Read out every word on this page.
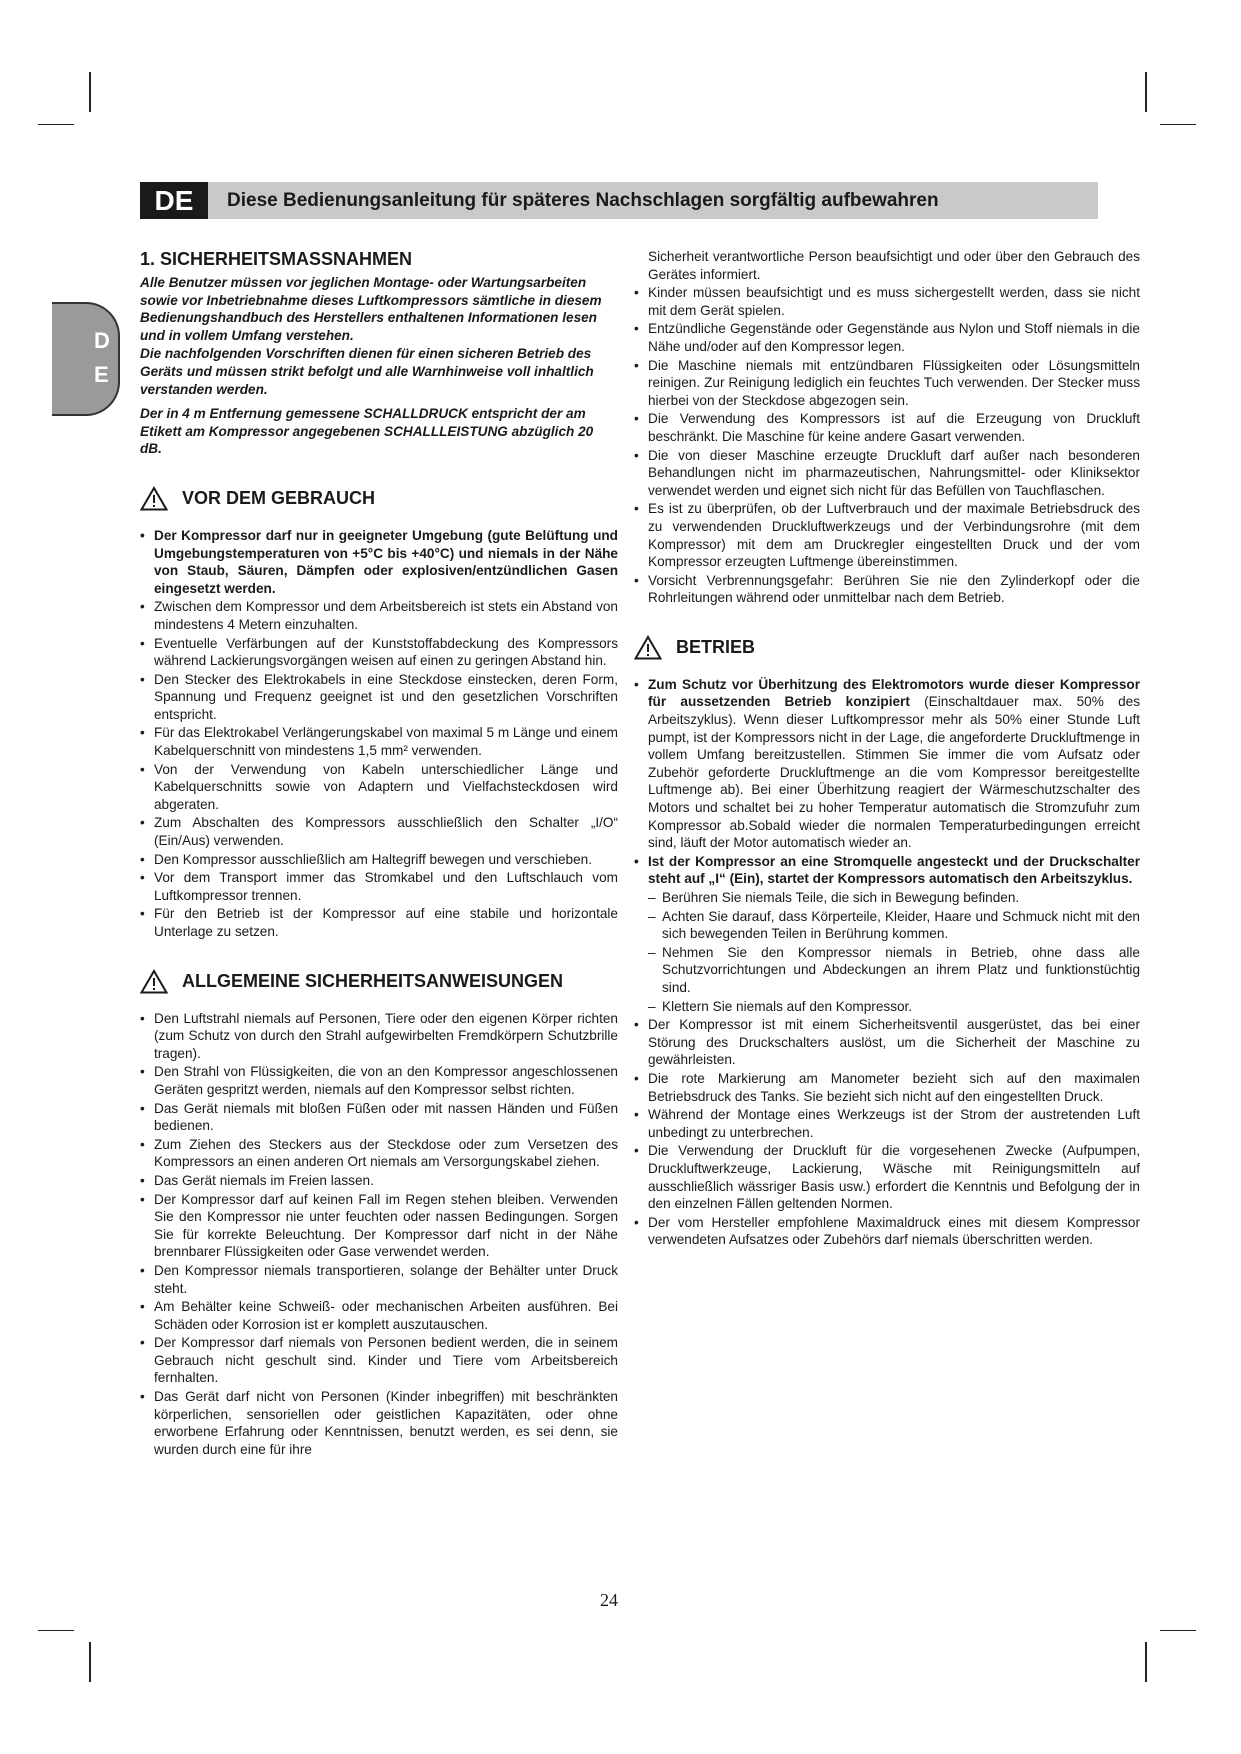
DE	Diese Bedienungsanleitung für späteres Nachschlagen sorgfältig aufbewahren
D
E
1. SICHERHEITSMASSNAHMEN

Alle Benutzer müssen vor jeglichen Montage- oder Wartungsarbeiten sowie vor Inbetriebnahme dieses Luftkompressors sämtliche in diesem Bedienungshandbuch des Herstellers enthaltenen Informationen lesen und in vollem Umfang verstehen.

Die nachfolgenden Vorschriften dienen für einen sicheren Betrieb des Geräts und müssen strikt befolgt und alle Warnhinweise voll inhaltlich verstanden werden.

Der in 4 m Entfernung gemessene SCHALLDRUCK entspricht der am Etikett am Kompressor angegebenen SCHALLLEISTUNG abzüglich 20 dB.

VOR DEM GEBRAUCH
• Der Kompressor darf nur in geeigneter Umgebung (gute Belüftung und Umgebungstemperaturen von +5°C bis +40°C) und niemals in der Nähe von Staub, Säuren, Dämpfen oder explosiven/entzündlichen Gasen eingesetzt werden.
• Zwischen dem Kompressor und dem Arbeitsbereich ist stets ein Abstand von mindestens 4 Metern einzuhalten.
• Eventuelle Verfärbungen auf der Kunststoffabdeckung des Kompressors während Lackierungsvorgängen weisen auf einen zu geringen Abstand hin.
• Den Stecker des Elektrokabels in eine Steckdose einstecken, deren Form, Spannung und Frequenz geeignet ist und den gesetzlichen Vorschriften entspricht.
• Für das Elektrokabel Verlängerungskabel von maximal 5 m Länge und einem Kabelquerschnitt von mindestens 1,5 mm² verwenden.
• Von der Verwendung von Kabeln unterschiedlicher Länge und Kabelquerschnitts sowie von Adaptern und Vielfachsteckdosen wird abgeraten.
• Zum Abschalten des Kompressors ausschließlich den Schalter „I/O“ (Ein/Aus) verwenden.
• Den Kompressor ausschließlich am Haltegriff bewegen und verschieben.
• Vor dem Transport immer das Stromkabel und den Luftschlauch vom Luftkompressor trennen.
• Für den Betrieb ist der Kompressor auf eine stabile und horizontale Unterlage zu setzen.
ALLGEMEINE SICHERHEITSANWEISUNGEN
• Den Luftstrahl niemals auf Personen, Tiere oder den eigenen Körper richten (zum Schutz von durch den Strahl aufgewirbelten Fremdkörpern Schutzbrille tragen).
• Den Strahl von Flüssigkeiten, die von an den Kompressor angeschlossenen Geräten gespritzt werden, niemals auf den Kompressor selbst richten.
• Das Gerät niemals mit bloßen Füßen oder mit nassen Händen und Füßen bedienen.
• Zum Ziehen des Steckers aus der Steckdose oder zum Versetzen des Kompressors an einen anderen Ort niemals am Versorgungskabel ziehen.
• Das Gerät niemals im Freien lassen.
• Der Kompressor darf auf keinen Fall im Regen stehen bleiben. Verwenden Sie den Kompressor nie unter feuchten oder nassen Bedingungen. Sorgen Sie für korrekte Beleuchtung. Der Kompressor darf nicht in der Nähe brennbarer Flüssigkeiten oder Gase verwendet werden.
• Den Kompressor niemals transportieren, solange der Behälter unter Druck steht.
• Am Behälter keine Schweiß- oder mechanischen Arbeiten ausführen. Bei Schäden oder Korrosion ist er komplett auszutauschen.
• Der Kompressor darf niemals von Personen bedient werden, die in seinem Gebrauch nicht geschult sind. Kinder und Tiere vom Arbeitsbereich fernhalten.
• Das Gerät darf nicht von Personen (Kinder inbegriffen) mit beschränkten körperlichen, sensoriellen oder geistlichen Kapazitäten, oder ohne erworbene Erfahrung oder Kenntnissen, benutzt werden, es sei denn, sie wurden durch eine für ihre
Sicherheit verantwortliche Person beaufsichtigt und oder über den Gebrauch des Gerätes informiert.
• Kinder müssen beaufsichtigt und es muss sichergestellt werden, dass sie nicht mit dem Gerät spielen.
• Entzündliche Gegenstände oder Gegenstände aus Nylon und Stoff niemals in die Nähe und/oder auf den Kompressor legen.
• Die Maschine niemals mit entzündbaren Flüssigkeiten oder Lösungsmitteln reinigen. Zur Reinigung lediglich ein feuchtes Tuch verwenden. Der Stecker muss hierbei von der Steckdose abgezogen sein.
• Die Verwendung des Kompressors ist auf die Erzeugung von Druckluft beschränkt. Die Maschine für keine andere Gasart verwenden.
• Die von dieser Maschine erzeugte Druckluft darf außer nach besonderen Behandlungen nicht im pharmazeutischen, Nahrungsmittel- oder Kliniksektor verwendet werden und eignet sich nicht für das Befüllen von Tauchflaschen.
• Es ist zu überprüfen, ob der Luftverbrauch und der maximale Betriebsdruck des zu verwendenden Druckluftwerkzeugs und der Verbindungsrohre (mit dem Kompressor) mit dem am Druckregler eingestellten Druck und der vom Kompressor erzeugten Luftmenge übereinstimmen.
• Vorsicht Verbrennungsgefahr: Berühren Sie nie den Zylinderkopf oder die Rohrleitungen während oder unmittelbar nach dem Betrieb.
BETRIEB
• Zum Schutz vor Überhitzung des Elektromotors wurde dieser Kompressor für aussetzenden Betrieb konzipiert (Einschaltdauer max. 50% des Arbeitszyklus). Wenn dieser Luftkompressor mehr als 50% einer Stunde Luft pumpt, ist der Kompressors nicht in der Lage, die angeforderte Druckluftmenge in vollem Umfang bereitzustellen. Stimmen Sie immer die vom Aufsatz oder Zubehör geforderte Druckluftmenge an die vom Kompressor bereitgestellte Luftmenge ab). Bei einer Überhitzung reagiert der Wärmeschutzschalter des Motors und schaltet bei zu hoher Temperatur automatisch die Stromzufuhr zum Kompressor ab.Sobald wieder die normalen Temperaturbedingungen erreicht sind, läuft der Motor automatisch wieder an.
• Ist der Kompressor an eine Stromquelle angesteckt und der Druckschalter steht auf „I“ (Ein), startet der Kompressors automatisch den Arbeitszyklus.
– Berühren Sie niemals Teile, die sich in Bewegung befinden.
– Achten Sie darauf, dass Körperteile, Kleider, Haare und Schmuck nicht mit den sich bewegenden Teilen in Berührung kommen.
– Nehmen Sie den Kompressor niemals in Betrieb, ohne dass alle Schutzvorrichtungen und Abdeckungen an ihrem Platz und funktionstüchtig sind.
– Klettern Sie niemals auf den Kompressor.
• Der Kompressor ist mit einem Sicherheitsventil ausgerüstet, das bei einer Störung des Druckschalters auslöst, um die Sicherheit der Maschine zu gewährleisten.
• Die rote Markierung am Manometer bezieht sich auf den maximalen Betriebsdruck des Tanks. Sie bezieht sich nicht auf den eingestellten Druck.
• Während der Montage eines Werkzeugs ist der Strom der austretenden Luft unbedingt zu unterbrechen.
• Die Verwendung der Druckluft für die vorgesehenen Zwecke (Aufpumpen, Druckluftwerkzeuge, Lackierung, Wäsche mit Reinigungsmitteln auf ausschließlich wässriger Basis usw.) erfordert die Kenntnis und Befolgung der in den einzelnen Fällen geltenden Normen.
• Der vom Hersteller empfohlene Maximaldruck eines mit diesem Kompressor verwendeten Aufsatzes oder Zubehörs darf niemals überschritten werden.
24
